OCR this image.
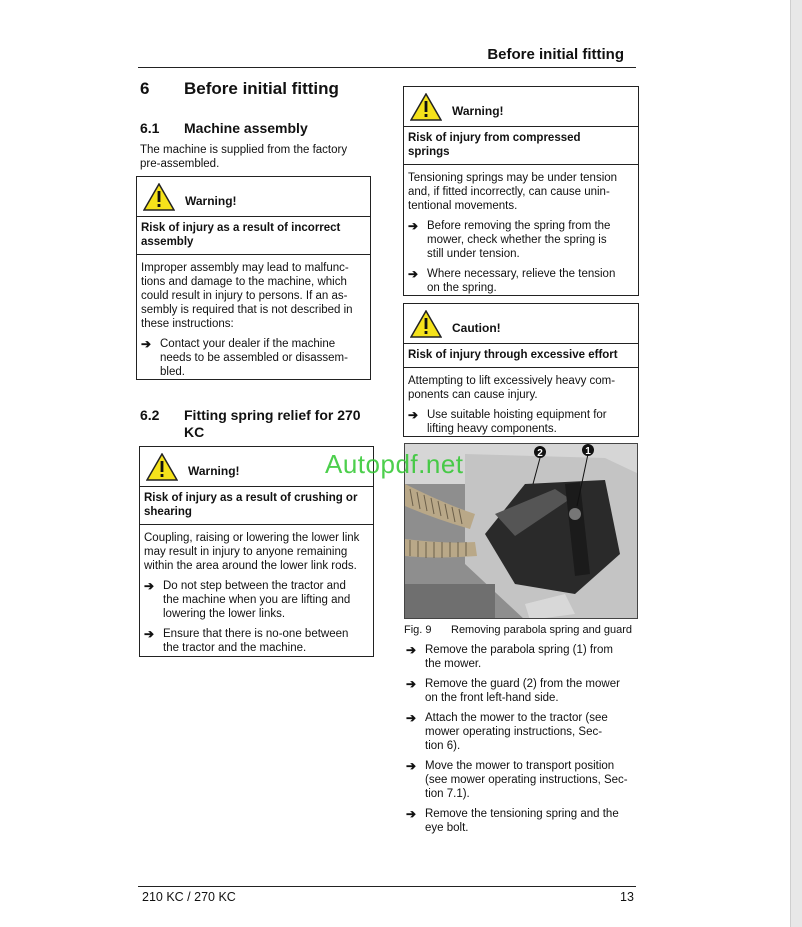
Before initial fitting
6	Before initial fitting
6.1	Machine assembly
The machine is supplied from the factory
pre-assembled.
Warning!
Risk of injury as a result of incorrect
assembly
Improper assembly may lead to malfunc-
tions and damage to the machine, which
could result in injury to persons. If an as-
sembly is required that is not described in
these instructions:
➔ Contact your dealer if the machine
needs to be assembled or disassem-
bled.
6.2	Fitting spring relief for 270
KC
Warning!
Risk of injury as a result of crushing or
shearing
Coupling, raising or lowering the lower link
may result in injury to anyone remaining
within the area around the lower link rods.
➔ Do not step between the tractor and
the machine when you are lifting and
lowering the lower links.
➔ Ensure that there is no-one between
the tractor and the machine.
Warning!
Risk of injury from compressed
springs
Tensioning springs may be under tension
and, if fitted incorrectly, can cause unin-
tentional movements.
➔ Before removing the spring from the
mower, check whether the spring is
still under tension.
➔ Where necessary, relieve the tension
on the spring.
Caution!
Risk of injury through excessive effort
Attempting to lift excessively heavy com-
ponents can cause injury.
➔ Use suitable hoisting equipment for
lifting heavy components.
2	1
Autopdf.net
Fig. 9	Removing parabola spring and guard
➔ Remove the parabola spring (1) from
the mower.
➔ Remove the guard (2) from the mower
on the front left-hand side.
➔ Attach the mower to the tractor (see
mower operating instructions, Sec-
tion 6).
➔ Move the mower to transport position
(see mower operating instructions, Sec-
tion 7.1).
➔ Remove the tensioning spring and the
eye bolt.
210 KC / 270 KC	13
